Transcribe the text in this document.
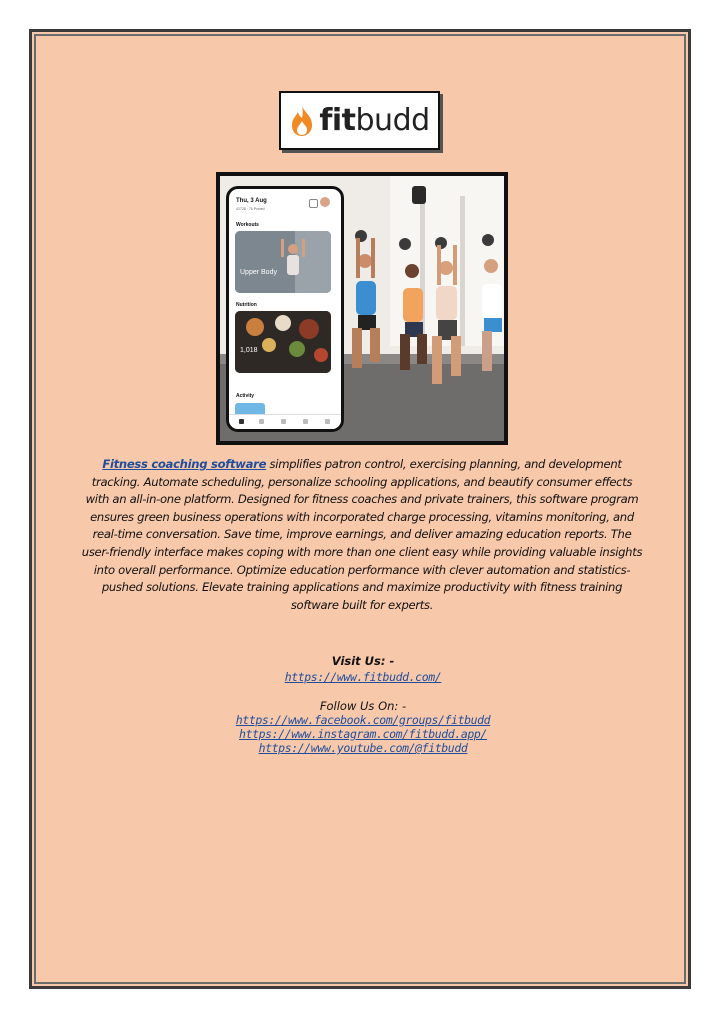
fitbudd
Thu, 3 Aug
42728 · 76 Posted
Workouts
Upper Body
Nutrition
1,018
Activity
Fitness coaching software simplifies patron control, exercising planning, and development tracking. Automate scheduling, personalize schooling applications, and beautify consumer effects with an all-in-one platform. Designed for fitness coaches and private trainers, this software program ensures green business operations with incorporated charge processing, vitamins monitoring, and real-time conversation. Save time, improve earnings, and deliver amazing education reports. The user-friendly interface makes coping with more than one client easy while providing valuable insights into overall performance. Optimize education performance with clever automation and statistics-pushed solutions. Elevate training applications and maximize productivity with fitness training software built for experts.
Visit Us: -
https://www.fitbudd.com/
Follow Us On: -
https://www.facebook.com/groups/fitbudd
https://www.instagram.com/fitbudd.app/
https://www.youtube.com/@fitbudd
